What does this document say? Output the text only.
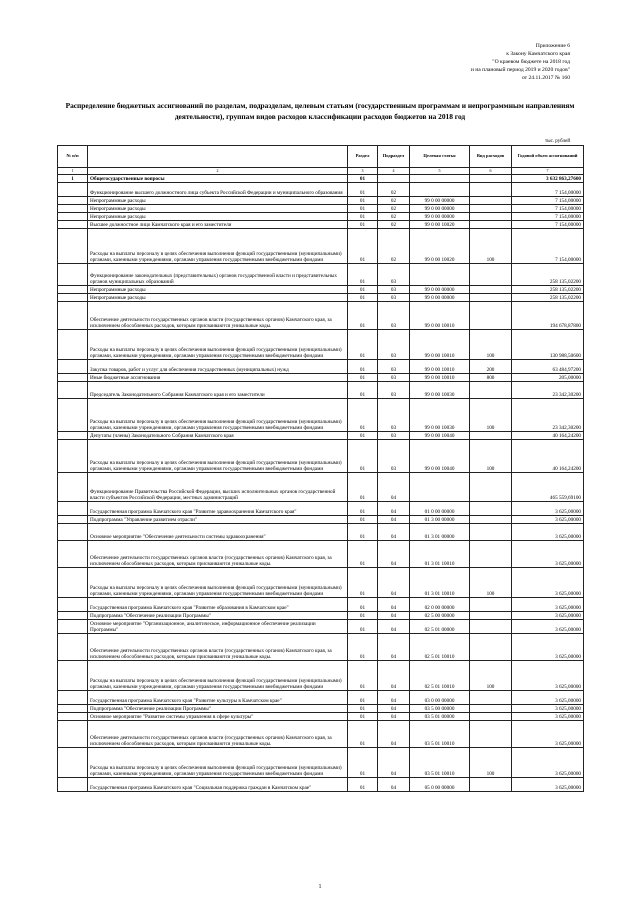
Приложение 6
к Закону Камчатского края
"О краевом бюджете на 2018 год
и на плановый период 2019 и 2020 годов"
от 24.11.2017 № 160
Распределение бюджетных ассигнований по разделам, подразделам, целевым статьям (государственным программам и непрограммным направлениям деятельности), группам видов расходов классификации расходов бюджетов на 2018 год
тыс. рублей
№ п/п		Раздел	Подраздел	Целевая статья	Вид расходов	Годовой объем ассигнований
1	2	3	4	5	6	7
1	Общегосударственные вопросы	01				3 632 863,27600
	Функционирование высшего должностного лица субъекта Российской Федерации и муниципального образования	01	02			7 154,00000
	Непрограммные расходы	01	02	99 0 00 00000		7 154,00000
	Непрограммные расходы	01	02	99 0 00 00000		7 154,00000
	Непрограммные расходы	01	02	99 0 00 00000		7 154,00000
	Высшее должностное лицо Камчатского края и его заместители	01	02	99 0 00 10020		7 154,00000
	Расходы на выплаты персоналу в целях обеспечения выполнения функций государственными (муниципальными) органами, казенными учреждениями, органами управления государственными внебюджетными фондами	01	02	99 0 00 10020	100	7 154,00000
	Функционирование законодательных (представительных) органов государственной власти и представительных органов муниципальных образований	01	03			258 135,02200
	Непрограммные расходы	01	03	99 0 00 00000		258 135,02200
	Непрограммные расходы	01	03	99 0 00 00000		258 135,02200
	Обеспечение деятельности государственных органов власти (государственных органов) Камчатского края, за исключением обособленных расходов, которым присваиваются уникальные коды.	01	03	99 0 00 10010		194 678,87800
	Расходы на выплаты персоналу в целях обеспечения выполнения функций государственными (муниципальными) органами, казенными учреждениями, органами управления государственными внебюджетными фондами	01	03	99 0 00 10010	100	130 988,50600
	Закупка товаров, работ и услуг для обеспечения государственных (муниципальных) нужд	01	03	99 0 00 10010	200	63 484,97200
	Иные бюджетные ассигнования	01	03	99 0 00 10010	800	205,00000
	Председатель Законодательного Собрания Камчатского края и его заместители	01	03	99 0 00 10030		23 342,30200
	Расходы на выплаты персоналу в целях обеспечения выполнения функций государственными (муниципальными) органами, казенными учреждениями, органами управления государственными внебюджетными фондами	01	03	99 0 00 10030	100	23 342,30200
	Депутаты (члены) Законодательного Собрания Камчатского края	01	03	99 0 00 10040		40 164,24200
	Расходы на выплаты персоналу в целях обеспечения выполнения функций государственными (муниципальными) органами, казенными учреждениями, органами управления государственными внебюджетными фондами	01	03	99 0 00 10040	100	40 164,24200
	Функционирование Правительства Российской Федерации, высших исполнительных органов государственной власти субъектов Российской Федерации, местных администраций	01	04			465 559,69100
	Государственная программа Камчатского края "Развитие здравоохранения Камчатского края"	01	04	01 0 00 00000		3 625,00000
	Подпрограмма "Управление развитием отрасли"	01	04	01 3 00 00000		3 625,00000
	Основное мероприятие "Обеспечение деятельности системы здравоохранения"	01	04	01 3 01 00000		3 625,00000
	Обеспечение деятельности государственных органов власти (государственных органов) Камчатского края, за исключением обособленных расходов, которым присваиваются уникальные коды.	01	04	01 3 01 10010		3 625,00000
	Расходы на выплаты персоналу в целях обеспечения выполнения функций государственными (муниципальными) органами, казенными учреждениями, органами управления государственными внебюджетными фондами	01	04	01 3 01 10010	100	3 625,00000
	Государственная программа Камчатского края "Развитие образования в Камчатском крае"	01	04	02 0 00 00000		3 625,00000
	Подпрограмма "Обеспечение реализации Программы"	01	04	02 5 00 00000		3 625,00000
	Основное мероприятие "Организационное, аналитическое, информационное обеспечение реализации Программы"	01	04	02 5 01 00000		3 625,00000
	Обеспечение деятельности государственных органов власти (государственных органов) Камчатского края, за исключением обособленных расходов, которым присваиваются уникальные коды.	01	04	02 5 01 10010		3 625,00000
	Расходы на выплаты персоналу в целях обеспечения выполнения функций государственными (муниципальными) органами, казенными учреждениями, органами управления государственными внебюджетными фондами	01	04	02 5 01 10010	100	3 625,00000
	Государственная программа Камчатского края "Развитие культуры в Камчатском крае"	01	04	03 0 00 00000		3 625,00000
	Подпрограмма "Обеспечение реализации Программы"	01	04	03 5 00 00000		3 625,00000
	Основное мероприятие "Развитие системы управления в сфере культуры"	01	04	03 5 01 00000		3 625,00000
	Обеспечение деятельности государственных органов власти (государственных органов) Камчатского края, за исключением обособленных расходов, которым присваиваются уникальные коды.	01	04	03 5 01 10010		3 625,00000
	Расходы на выплаты персоналу в целях обеспечения выполнения функций государственными (муниципальными) органами, казенными учреждениями, органами управления государственными внебюджетными фондами	01	04	03 5 01 10010	100	3 625,00000
	Государственная программа Камчатского края "Социальная поддержка граждан в Камчатском крае"	01	04	05 0 00 00000		3 625,00000
1
